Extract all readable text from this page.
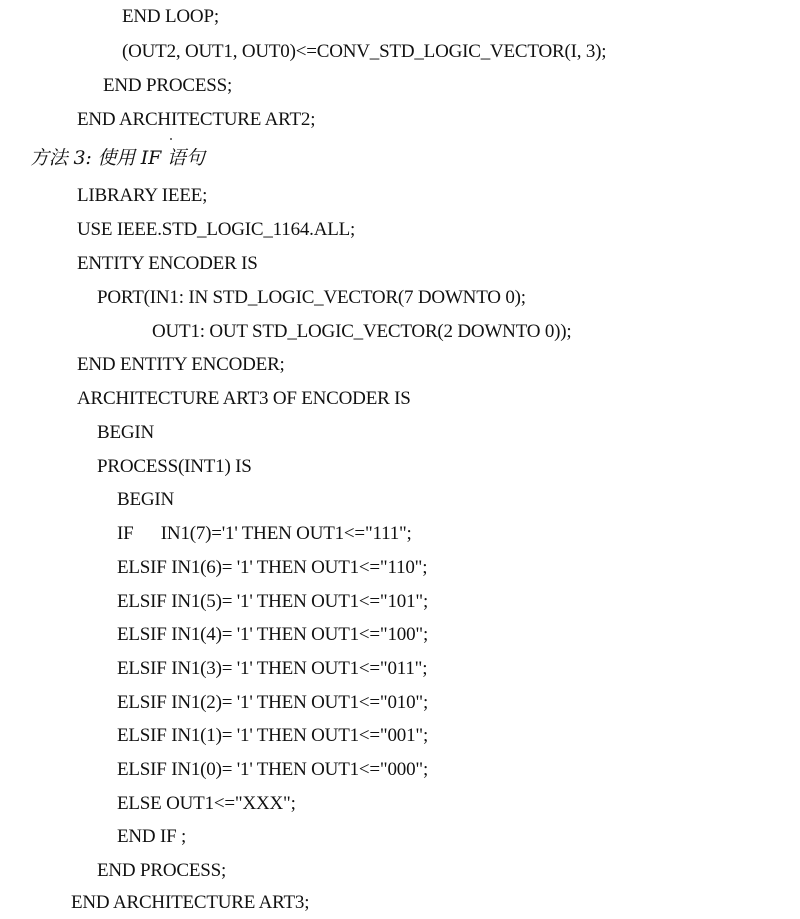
END LOOP;
(OUT2, OUT1, OUT0)<=CONV_STD_LOGIC_VECTOR(I, 3);
END PROCESS;
END ARCHITECTURE ART2;
方法 3: 使用 IF 语句
LIBRARY IEEE;
USE IEEE.STD_LOGIC_1164.ALL;
ENTITY ENCODER IS
PORT(IN1: IN STD_LOGIC_VECTOR(7 DOWNTO 0);
OUT1: OUT STD_LOGIC_VECTOR(2 DOWNTO 0));
END ENTITY ENCODER;
ARCHITECTURE ART3 OF ENCODER IS
BEGIN
PROCESS(INT1) IS
BEGIN
IF      IN1(7)='1' THEN OUT1<="111";
ELSIF IN1(6)= '1' THEN OUT1<="110";
ELSIF IN1(5)= '1' THEN OUT1<="101";
ELSIF IN1(4)= '1' THEN OUT1<="100";
ELSIF IN1(3)= '1' THEN OUT1<="011";
ELSIF IN1(2)= '1' THEN OUT1<="010";
ELSIF IN1(1)= '1' THEN OUT1<="001";
ELSIF IN1(0)= '1' THEN OUT1<="000";
ELSE OUT1<="XXX";
END IF ;
END PROCESS;
END ARCHITECTURE ART3;
